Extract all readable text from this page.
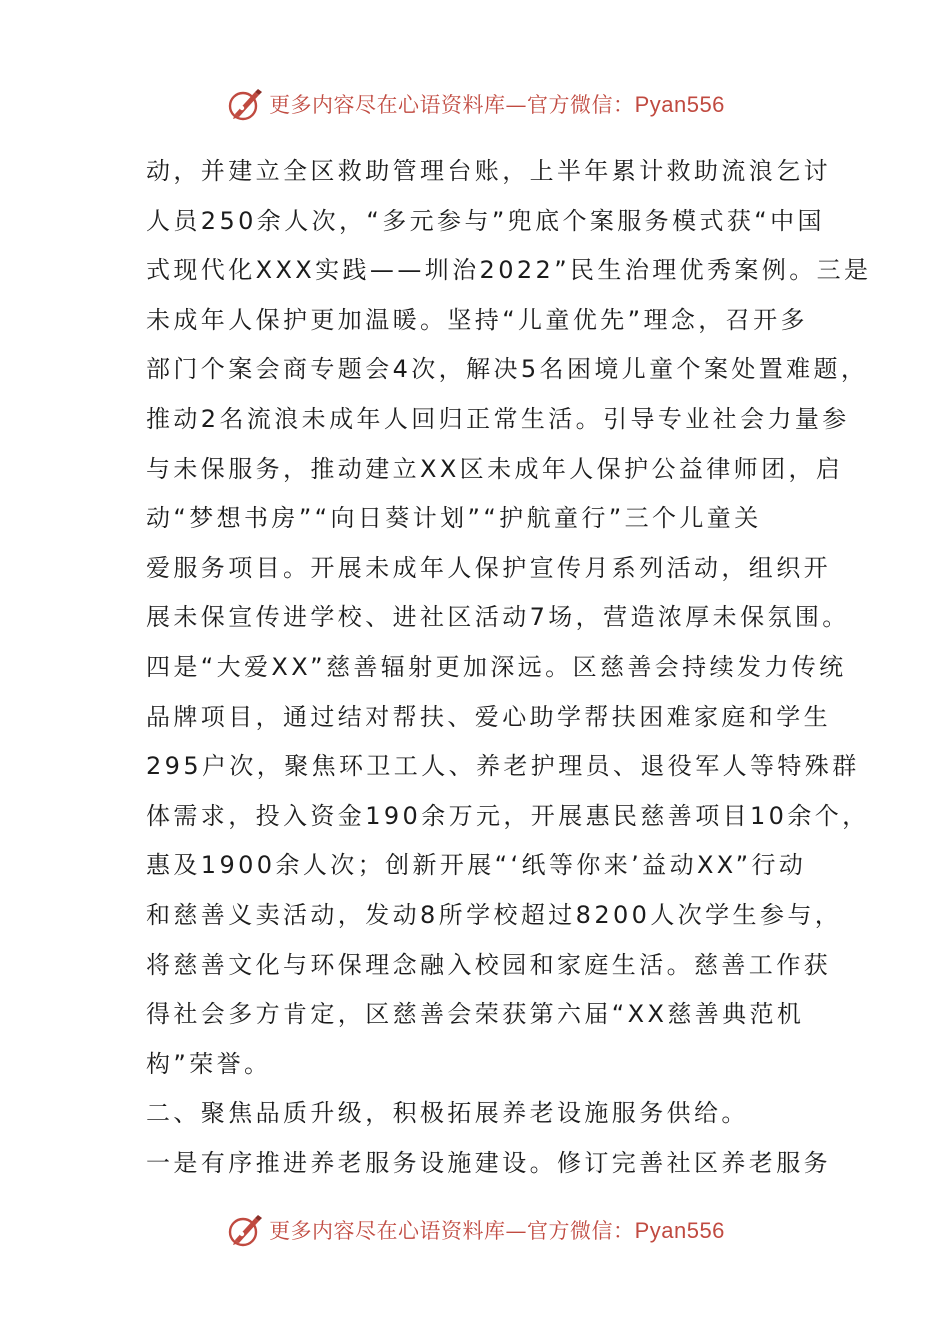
更多内容尽在心语资料库—官方微信：Pyan556
动，并建立全区救助管理台账，上半年累计救助流浪乞讨
人员250余人次，“多元参与”兜底个案服务模式获“中国
式现代化XXX实践——圳治2022”民生治理优秀案例。三是
未成年人保护更加温暖。坚持“儿童优先”理念，召开多
部门个案会商专题会4次，解决5名困境儿童个案处置难题，
推动2名流浪未成年人回归正常生活。引导专业社会力量参
与未保服务，推动建立XX区未成年人保护公益律师团，启
动“梦想书房”“向日葵计划”“护航童行”三个儿童关
爱服务项目。开展未成年人保护宣传月系列活动，组织开
展未保宣传进学校、进社区活动7场，营造浓厚未保氛围。
四是“大爱XX”慈善辐射更加深远。区慈善会持续发力传统
品牌项目，通过结对帮扶、爱心助学帮扶困难家庭和学生
295户次，聚焦环卫工人、养老护理员、退役军人等特殊群
体需求，投入资金190余万元，开展惠民慈善项目10余个，
惠及1900余人次；创新开展“‘纸等你来’益动XX”行动
和慈善义卖活动，发动8所学校超过8200人次学生参与，
将慈善文化与环保理念融入校园和家庭生活。慈善工作获
得社会多方肯定，区慈善会荣获第六届“XX慈善典范机
构”荣誉。
二、聚焦品质升级，积极拓展养老设施服务供给。
一是有序推进养老服务设施建设。修订完善社区养老服务
更多内容尽在心语资料库—官方微信：Pyan556
